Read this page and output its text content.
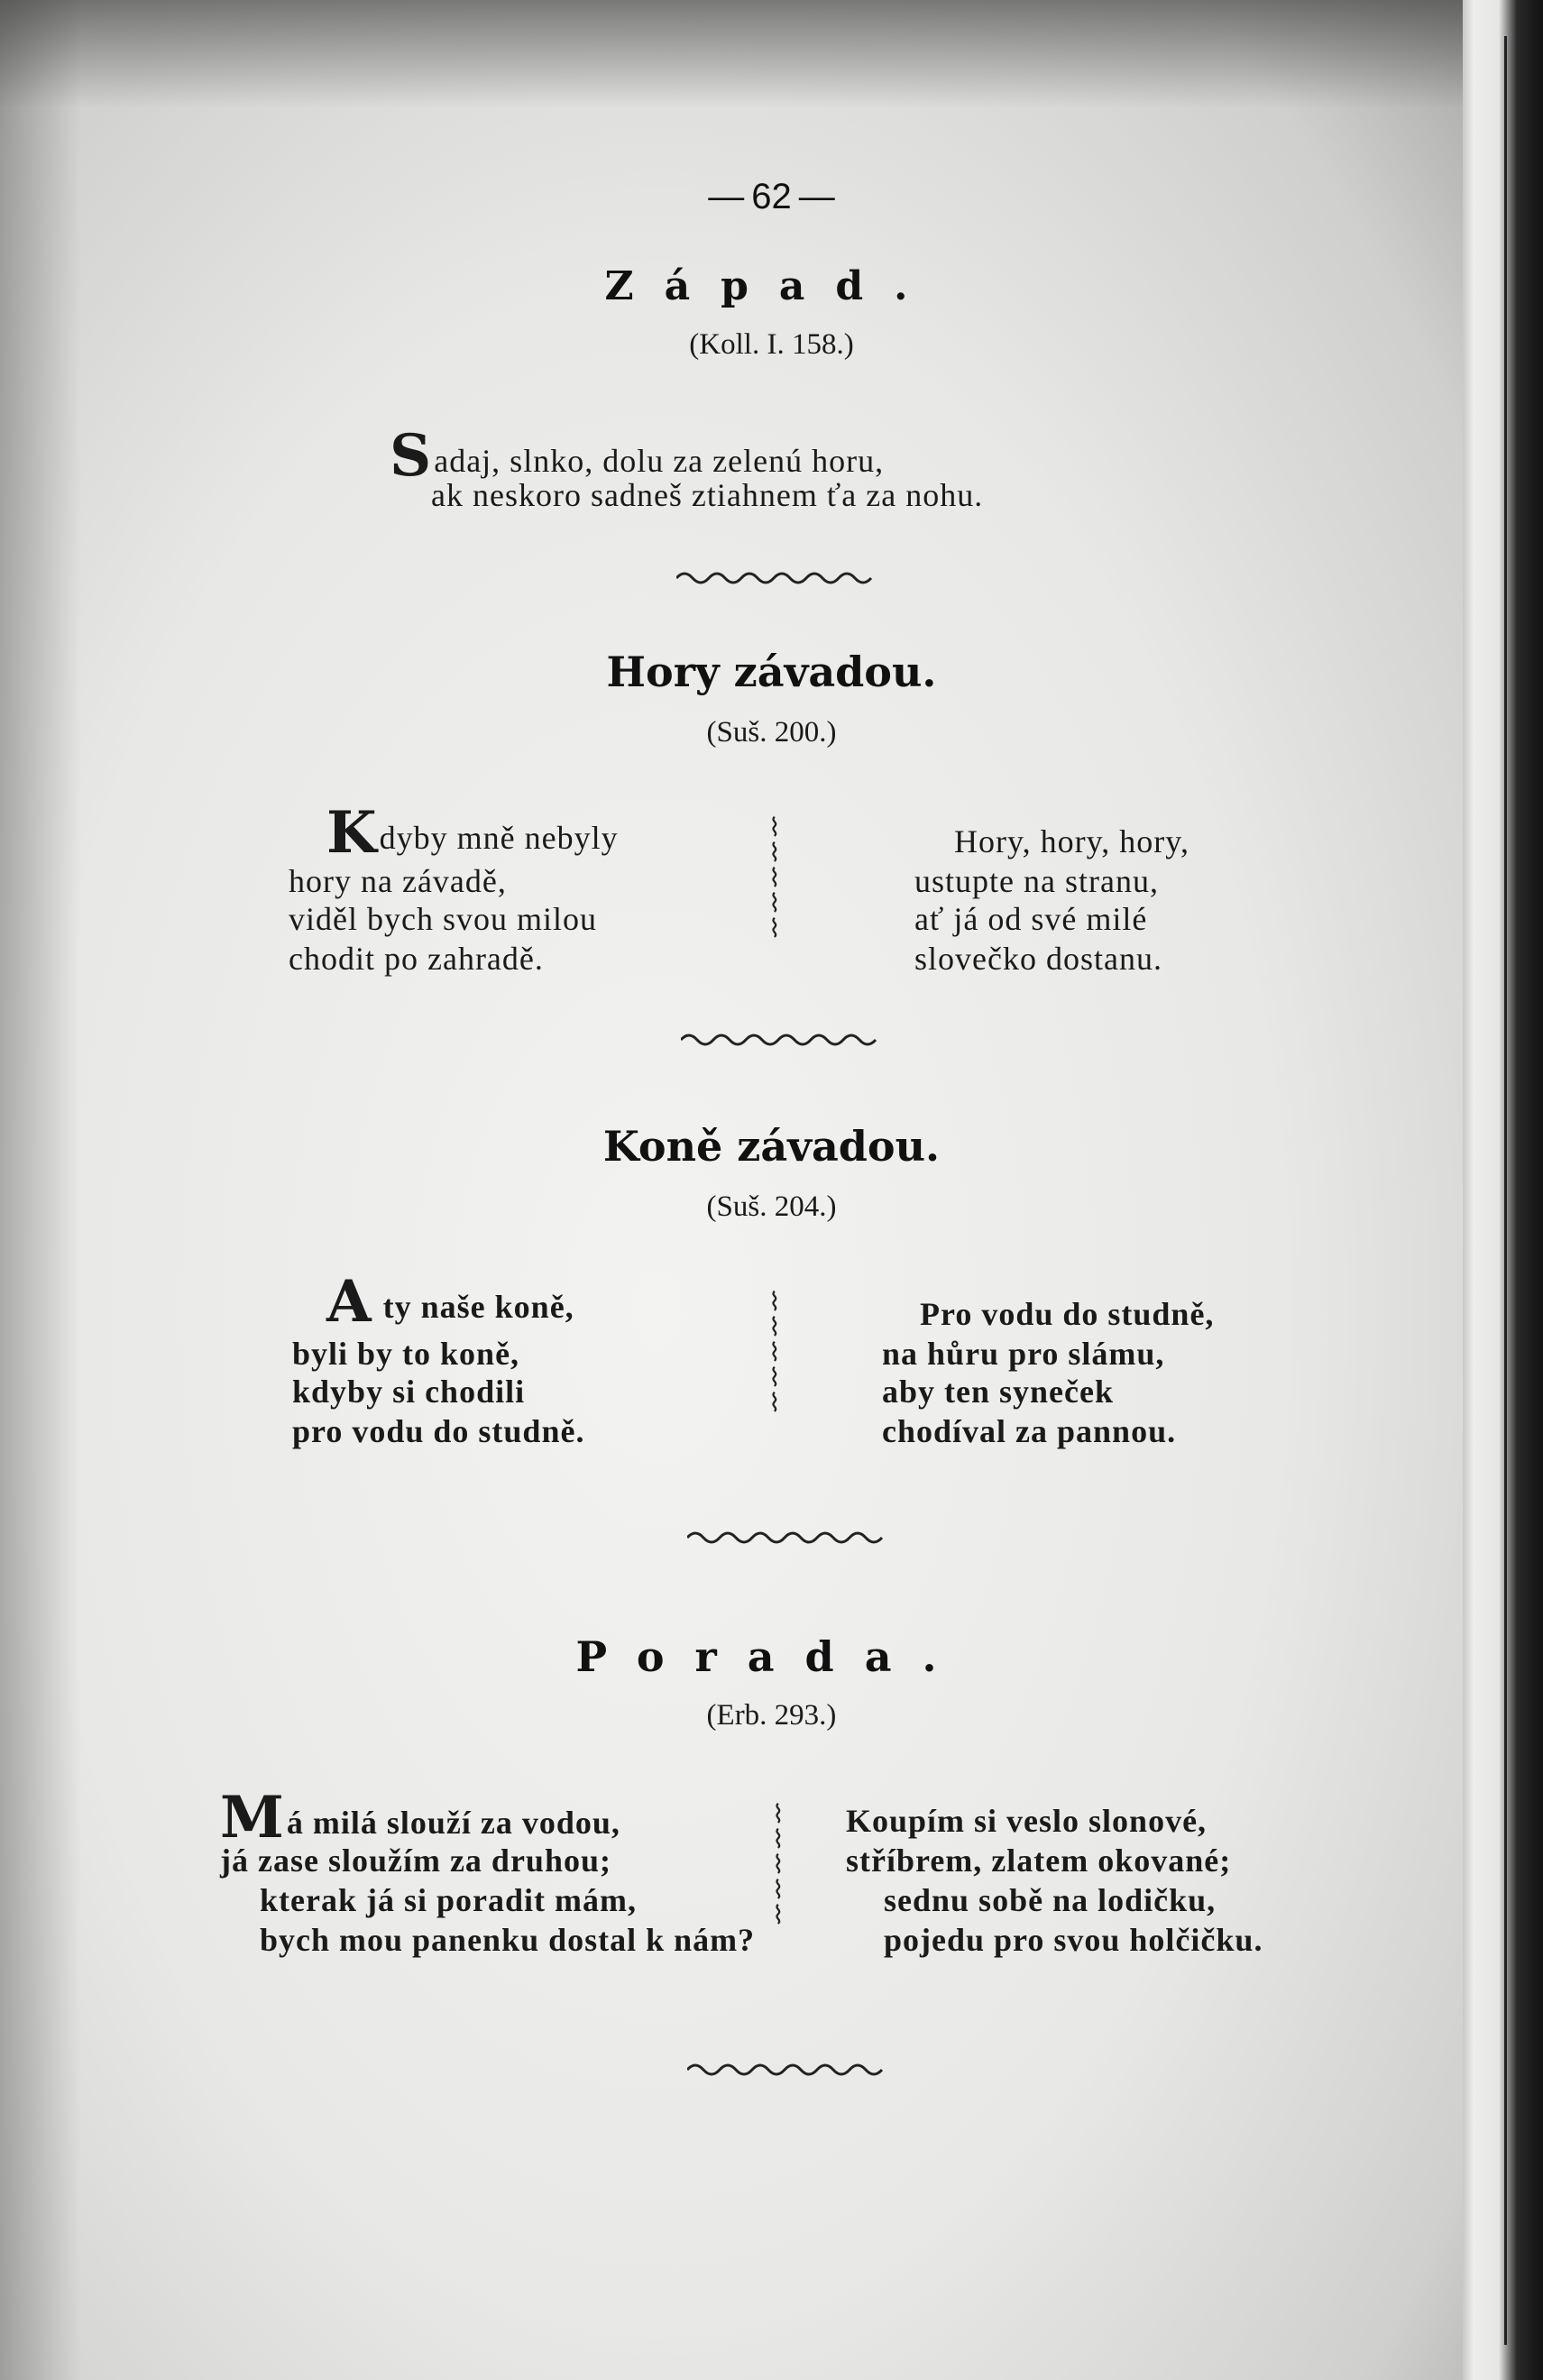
— 62 —
Západ.
(Koll. I. 158.)
Sadaj, slnko, dolu za zelenú horu,
ak neskoro sadneš ztiahnem ťa za nohu.
Hory závadou.
(Suš. 200.)
Kdyby mně nebyly
hory na závadě,
viděl bych svou milou
chodit po zahradě.
⌇
⌇
⌇
⌇
⌇
Hory, hory, hory,
ustupte na stranu,
ať já od své milé
slovečko dostanu.
Koně závadou.
(Suš. 204.)
A ty naše koně,
byli by to koně,
kdyby si chodili
pro vodu do studně.
⌇
⌇
⌇
⌇
⌇
Pro vodu do studně,
na hůru pro slámu,
aby ten syneček
chodíval za pannou.
Porada.
(Erb. 293.)
Má milá slouží za vodou,
já zase sloužím za druhou;
kterak já si poradit mám,
bych mou panenku dostal k nám?
⌇
⌇
⌇
⌇
⌇
Koupím si veslo slonové,
stříbrem, zlatem okované;
sednu sobě na lodičku,
pojedu pro svou holčičku.
